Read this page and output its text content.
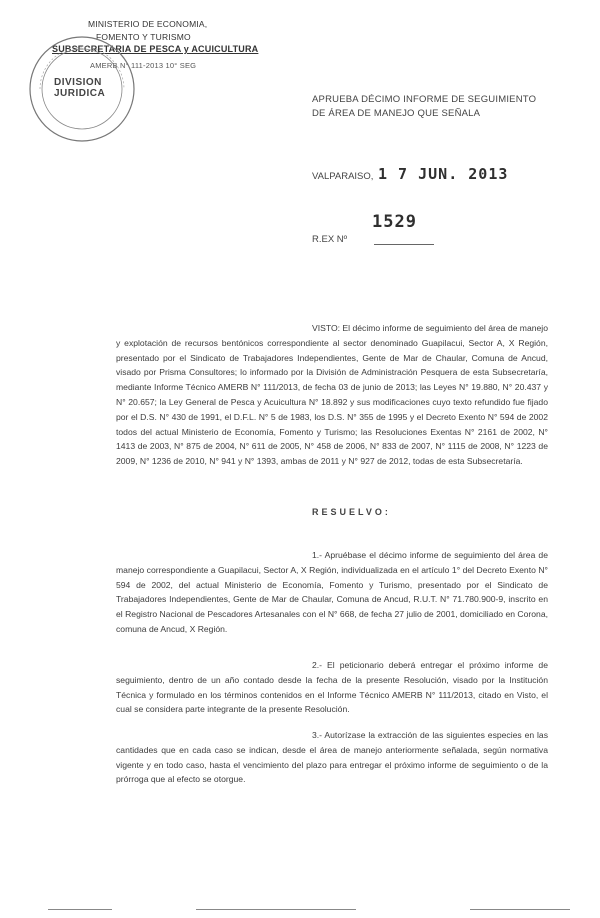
MINISTERIO DE ECONOMIA,
FOMENTO Y TURISMO
SUBSECRETARIA DE PESCA y ACUICULTURA
AMERB N° 111-2013 10° SEG
DIVISION
JURIDICA
APRUEBA DÉCIMO INFORME DE SEGUIMIENTO DE ÁREA DE MANEJO QUE SEÑALA
VALPARAISO, 1 7 JUN. 2013
1529
R.EX Nº
VISTO: El décimo informe de seguimiento del área de manejo y explotación de recursos bentónicos correspondiente al sector denominado Guapilacui, Sector A, X Región, presentado por el Sindicato de Trabajadores Independientes, Gente de Mar de Chaular, Comuna de Ancud, visado por Prisma Consultores; lo informado por la División de Administración Pesquera de esta Subsecretaría, mediante Informe Técnico AMERB N° 111/2013, de fecha 03 de junio de 2013; las Leyes N° 19.880, N° 20.437 y N° 20.657; la Ley General de Pesca y Acuicultura N° 18.892 y sus modificaciones cuyo texto refundido fue fijado por el D.S. N° 430 de 1991, el D.F.L. N° 5 de 1983, los D.S. N° 355 de 1995 y el Decreto Exento N° 594 de 2002 todos del actual Ministerio de Economía, Fomento y Turismo; las Resoluciones Exentas N° 2161 de 2002, N° 1413 de 2003, N° 875 de 2004, N° 611 de 2005, N° 458 de 2006, N° 833 de 2007, N° 1115 de 2008, N° 1223 de 2009, N° 1236 de 2010, N° 941 y N° 1393, ambas de 2011 y N° 927 de 2012, todas de esta Subsecretaría.
RESUELVO:
1.- Apruébase el décimo informe de seguimiento del área de manejo correspondiente a Guapilacui, Sector A, X Región, individualizada en el artículo 1° del Decreto Exento N° 594 de 2002, del actual Ministerio de Economía, Fomento y Turismo, presentado por el Sindicato de Trabajadores Independientes, Gente de Mar de Chaular, Comuna de Ancud, R.U.T. N° 71.780.900-9, inscrito en el Registro Nacional de Pescadores Artesanales con el N° 668, de fecha 27 julio de 2001, domiciliado en Corona, comuna de Ancud, X Región.
2.- El peticionario deberá entregar el próximo informe de seguimiento, dentro de un año contado desde la fecha de la presente Resolución, visado por la Institución Técnica y formulado en los términos contenidos en el Informe Técnico AMERB N° 111/2013, citado en Visto, el cual se considera parte integrante de la presente Resolución.
3.- Autorízase la extracción de las siguientes especies en las cantidades que en cada caso se indican, desde el área de manejo anteriormente señalada, según normativa vigente y en todo caso, hasta el vencimiento del plazo para entregar el próximo informe de seguimiento o de la prórroga que al efecto se otorgue.
